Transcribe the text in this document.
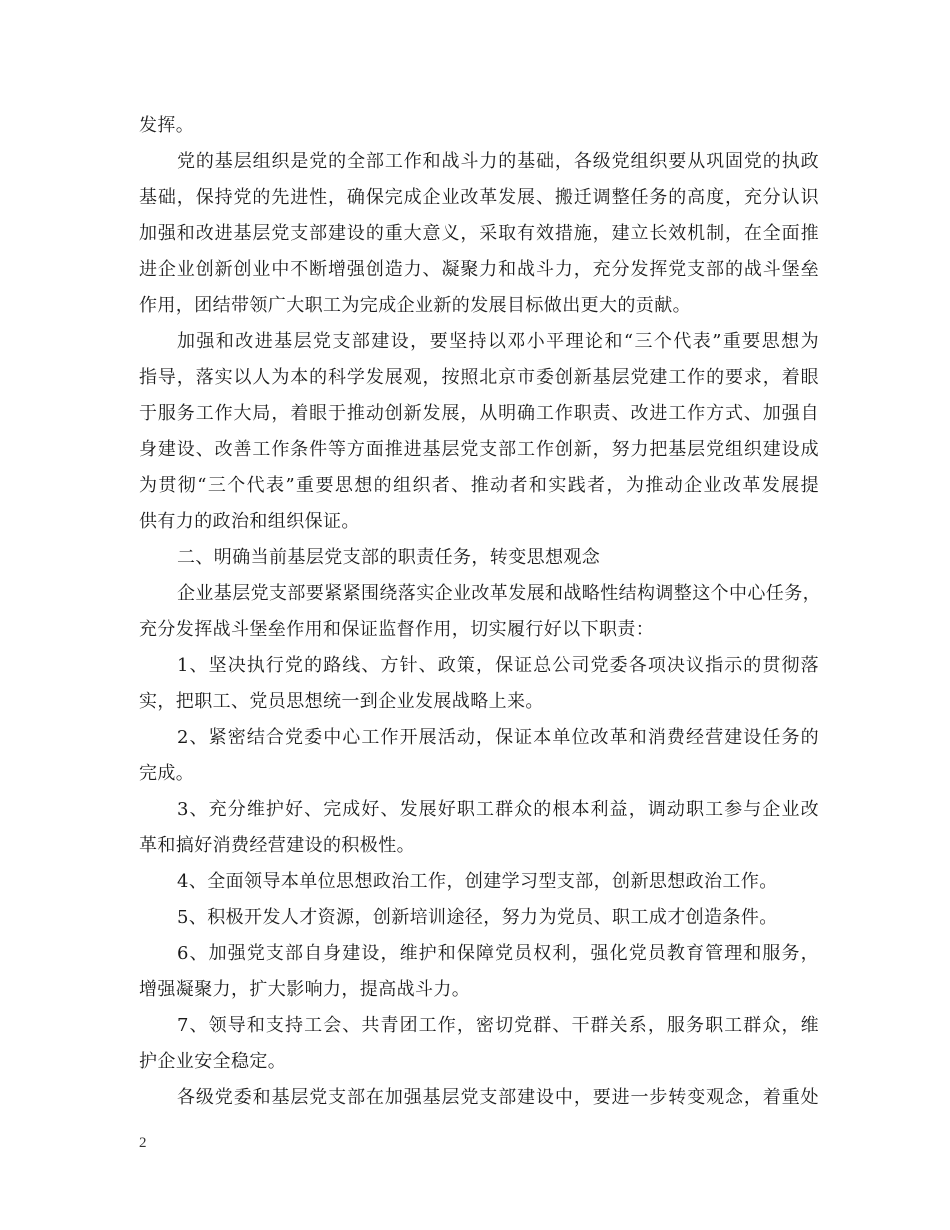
发挥。
党的基层组织是党的全部工作和战斗力的基础，各级党组织要从巩固党的执政
基础，保持党的先进性，确保完成企业改革发展、搬迁调整任务的高度，充分认识
加强和改进基层党支部建设的重大意义，采取有效措施，建立长效机制，在全面推
进企业创新创业中不断增强创造力、凝聚力和战斗力，充分发挥党支部的战斗堡垒
作用，团结带领广大职工为完成企业新的发展目标做出更大的贡献。
加强和改进基层党支部建设，要坚持以邓小平理论和“三个代表”重要思想为
指导，落实以人为本的科学发展观，按照北京市委创新基层党建工作的要求，着眼
于服务工作大局，着眼于推动创新发展，从明确工作职责、改进工作方式、加强自
身建设、改善工作条件等方面推进基层党支部工作创新，努力把基层党组织建设成
为贯彻“三个代表”重要思想的组织者、推动者和实践者，为推动企业改革发展提
供有力的政治和组织保证。
二、明确当前基层党支部的职责任务，转变思想观念
企业基层党支部要紧紧围绕落实企业改革发展和战略性结构调整这个中心任务，
充分发挥战斗堡垒作用和保证监督作用，切实履行好以下职责：
1、坚决执行党的路线、方针、政策，保证总公司党委各项决议指示的贯彻落
实，把职工、党员思想统一到企业发展战略上来。
2、紧密结合党委中心工作开展活动，保证本单位改革和消费经营建设任务的
完成。
3、充分维护好、完成好、发展好职工群众的根本利益，调动职工参与企业改
革和搞好消费经营建设的积极性。
4、全面领导本单位思想政治工作，创建学习型支部，创新思想政治工作。
5、积极开发人才资源，创新培训途径，努力为党员、职工成才创造条件。
6、加强党支部自身建设，维护和保障党员权利，强化党员教育管理和服务，
增强凝聚力，扩大影响力，提高战斗力。
7、领导和支持工会、共青团工作，密切党群、干群关系，服务职工群众，维
护企业安全稳定。
各级党委和基层党支部在加强基层党支部建设中，要进一步转变观念，着重处
2
